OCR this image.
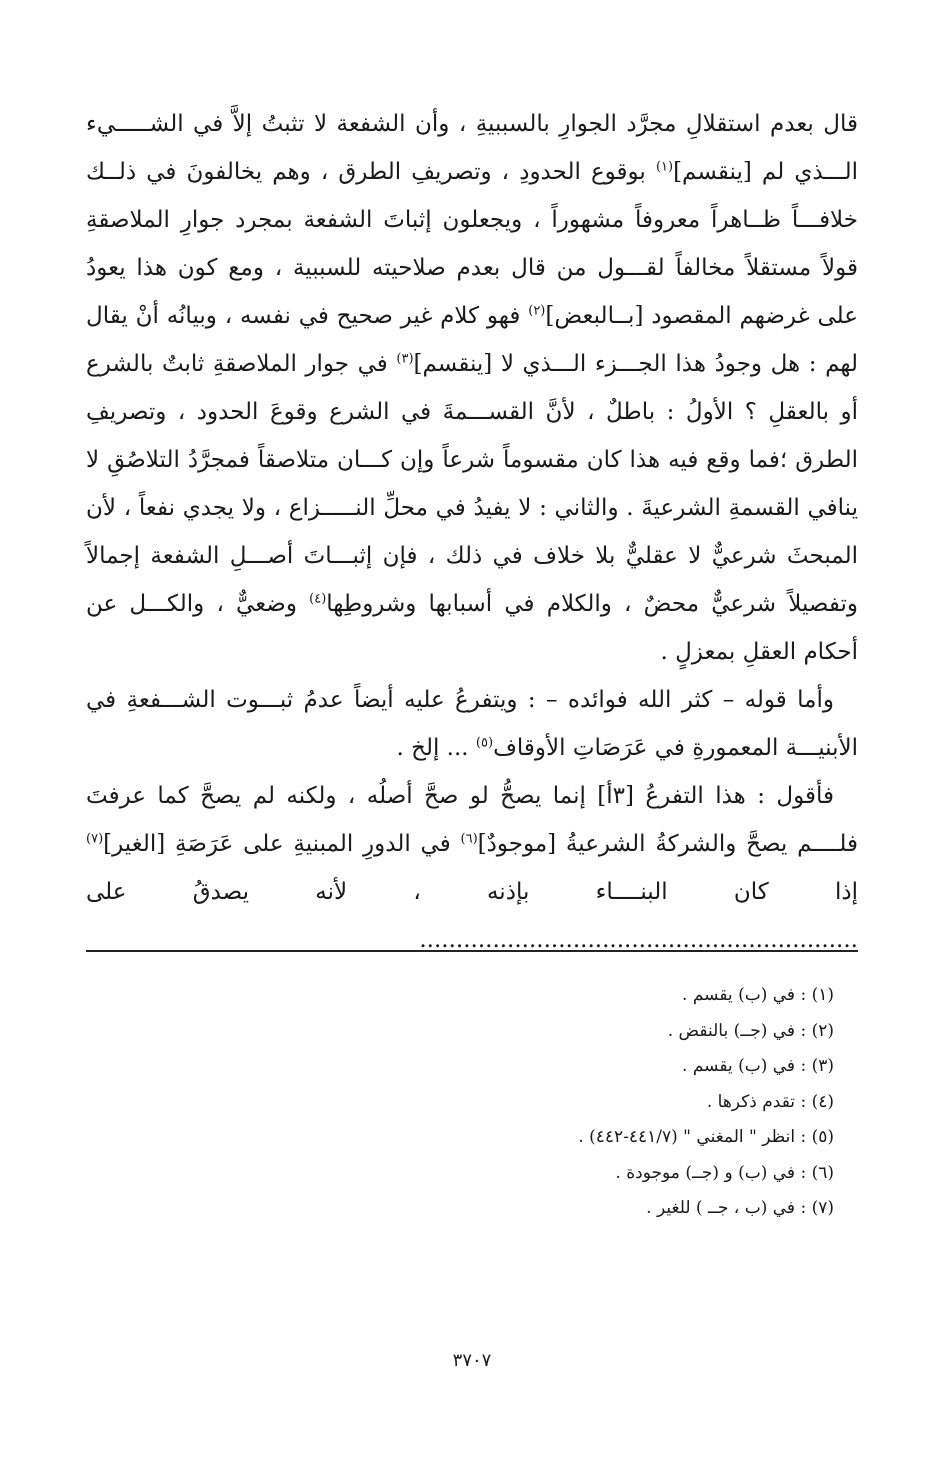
قال بعدم استقلالِ مجرَّد الجوارِ بالسببيةِ ، وأن الشفعة لا تثبتُ إلاَّ في الشـــــيء الـــذي لم [ينقسم]$^{(١)}$ بوقوع الحدودِ ، وتصريفِ الطرق ، وهم يخالفونَ في ذلــك خلافـــاً ظــاهراً معروفاً مشهوراً ، ويجعلون إثباتَ الشفعة بمجرد جوارِ الملاصقةِ قولاً مستقلاً مخالفاً لقـــول من قال بعدم صلاحيته للسببية ، ومع كون هذا يعودُ على غرضهم المقصود [بــالبعض]$^{(٢)}$ فهو كلام غير صحيح في نفسه ، وبيانُه أنْ يقال لهم : هل وجودُ هذا الجـــزء الـــذي لا [ينقسم]$^{(٣)}$ في جوار الملاصقةِ ثابتٌ بالشرع أو بالعقلِ ؟ الأولُ : باطلٌ ، لأنَّ القســـمةَ في الشرع وقوعَ الحدود ، وتصريفِ الطرق ؛فما وقع فيه هذا كان مقسوماً شرعاً وإن كـــان متلاصقاً فمجرَّدُ التلاصُقِ لا ينافي القسمةِ الشرعيةَ . والثاني : لا يفيدُ في محلِّ النـــــزاع ، ولا يجدي نفعاً ، لأن المبحثَ شرعيٌّ لا عقليٌّ بلا خلاف في ذلك ، فإن إثبـــاتَ أصـــلِ الشفعة إجمالاً وتفصيلاً شرعيٌّ محضٌ ، والكلام في أسبابها وشروطِها$^{(٤)}$ وضعيٌّ ، والكـــل عن أحكام العقلِ بمعزلٍ .

وأما قوله – كثر الله فوائده – : ويتفرعُ عليه أيضاً عدمُ ثبـــوت الشـــفعةِ في الأبنيـــة المعمورةِ في عَرَصَاتِ الأوقاف$^{(٥)}$ ... إلخ .

فأقول : هذا التفرعُ [٣أ] إنما يصحُّ لو صحَّ أصلُه ، ولكنه لم يصحَّ كما عرفتَ فلــــم يصحَّ والشركةُ الشرعيةُ [موجودٌ]$^{(٦)}$ في الدورِ المبنيةِ على عَرَصَةِ [الغير]$^{(٧)}$ إذا كان البنــــاء بإذنه ، لأنه يصدقُ على ............................................................

(١) : في (ب) يقسم .

(٢) : في (جــ) بالنقض .

(٣) : في (ب) يقسم .

(٤) : تقدم ذكرها .

(٥) : انظر " المغني " (٤٤١/٧-٤٤٢) .

(٦) : في (ب) و (جــ) موجودة .

(٧) : في (ب ، جــ ) للغير .

٣٧٠٧
